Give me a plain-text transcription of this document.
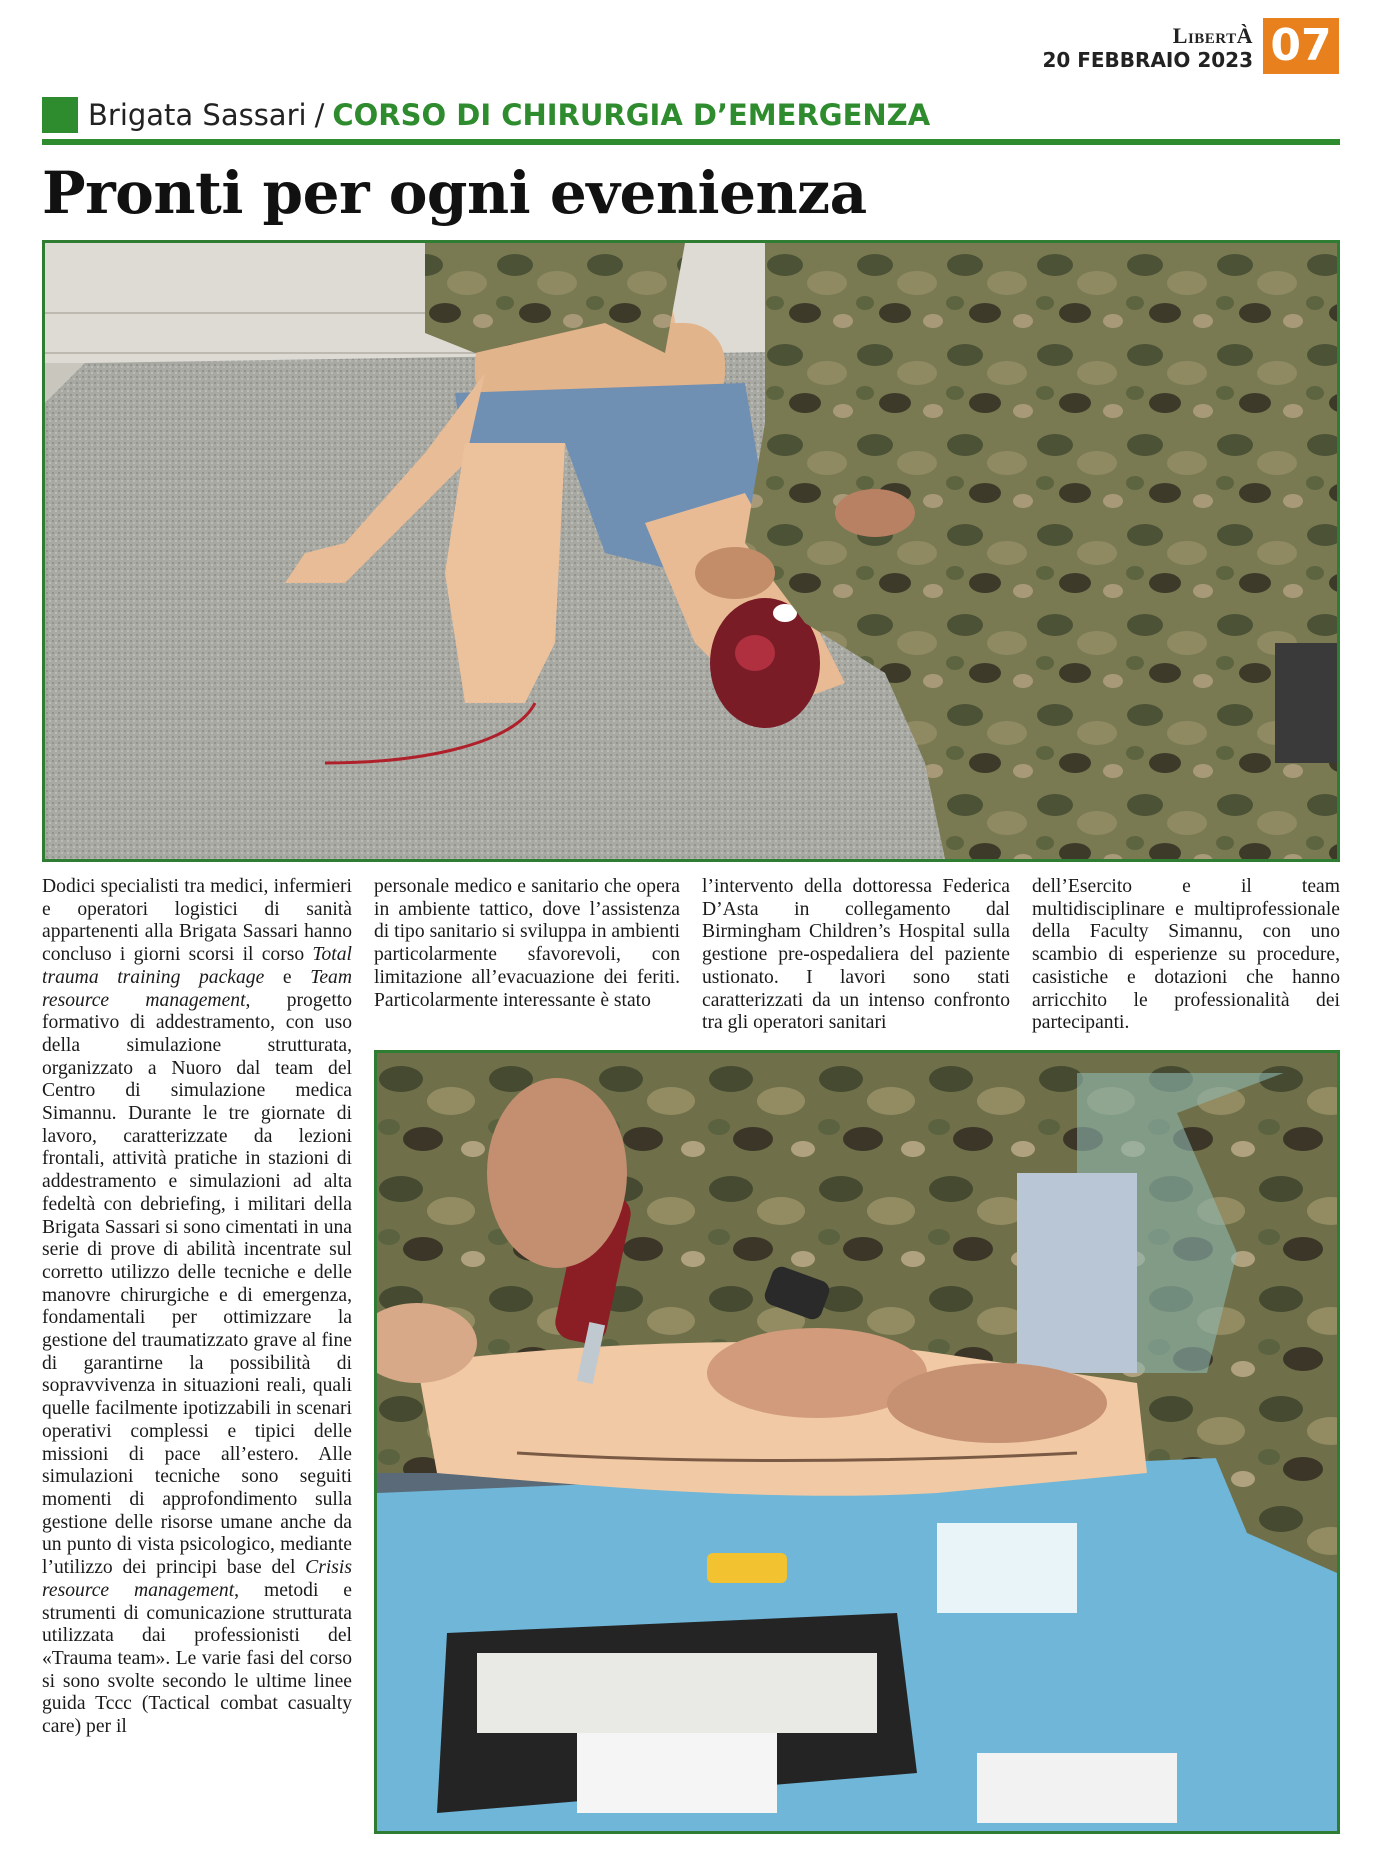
LibertÀ
20 FEBBRAIO 2023 07
Brigata Sassari / CORSO DI CHIRURGIA D’EMERGENZA
Pronti per ogni evenienza

Dodici specialisti tra medici, infermieri e operatori logistici di sanità appartenenti alla Brigata Sassari hanno concluso i giorni scorsi il corso Total trauma training package e Team resource management, progetto formativo di addestramento, con uso della simulazione strutturata, organizzato a Nuoro dal team del Centro di simulazione medica Simannu. Durante le tre giornate di lavoro, caratterizzate da lezioni frontali, attività pratiche in stazioni di addestramento e simulazioni ad alta fedeltà con debriefing, i militari della Brigata Sassari si sono cimentati in una serie di prove di abilità incentrate sul corretto utilizzo delle tecniche e delle manovre chirurgiche e di emergenza, fondamentali per ottimizzare la gestione del traumatizzato grave al fine di garantirne la possibilità di sopravvivenza in situazioni reali, quali quelle facilmente ipotizzabili in scenari operativi complessi e tipici delle missioni di pace all’estero. Alle simulazioni tecniche sono seguiti momenti di approfondimento sulla gestione delle risorse umane anche da un punto di vista psicologico, mediante l’utilizzo dei principi base del Crisis resource management, metodi e strumenti di comunicazione strutturata utilizzata dai professionisti del «Trauma team». Le varie fasi del corso si sono svolte secondo le ultime linee guida Tccc (Tactical combat casualty care) per il

personale medico e sanitario che opera in ambiente tattico, dove l’assistenza di tipo sanitario si sviluppa in ambienti particolarmente sfavorevoli, con limitazione all’evacuazione dei feriti. Particolarmente interessante è stato

l’intervento della dottoressa Federica D’Asta in collegamento dal Birmingham Children’s Hospital sulla gestione pre-ospedaliera del paziente ustionato. I lavori sono stati caratterizzati da un intenso confronto tra gli operatori sanitari

dell’Esercito e il team multidisciplinare e multiprofessionale della Faculty Simannu, con uno scambio di esperienze su procedure, casistiche e dotazioni che hanno arricchito le professionalità dei partecipanti.
